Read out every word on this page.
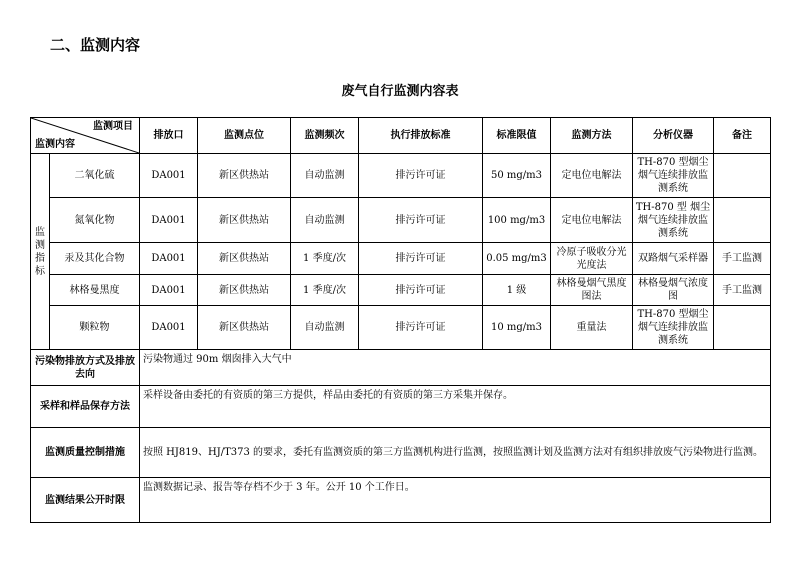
二、监测内容
废气自行监测内容表
监测项目
监测内容		排放口	监测点位	监测频次	执行排放标准	标准限值	监测方法	分析仪器	备注
监测指标	二氧化硫	DA001	新区供热站	自动监测	排污许可证	50 mg/m3	定电位电解法	TH-870 型烟尘烟气连续排放监测系统	
	氮氧化物	DA001	新区供热站	自动监测	排污许可证	100 mg/m3	定电位电解法	TH-870 型 烟尘烟气连续排放监测系统	
	汞及其化合物	DA001	新区供热站	1 季度/次	排污许可证	0.05 mg/m3	冷原子吸收分光光度法	双路烟气采样器	手工监测
	林格曼黑度	DA001	新区供热站	1 季度/次	排污许可证	1 级	林格曼烟气黑度图法	林格曼烟气浓度图	手工监测
	颗粒物	DA001	新区供热站	自动监测	排污许可证	10 mg/m3	重量法	TH-870 型烟尘烟气连续排放监测系统	
污染物排放方式及排放去向		污染物通过 90m 烟囱排入大气中							
采样和样品保存方法		采样设备由委托的有资质的第三方提供，样品由委托的有资质的第三方采集并保存。							
监测质量控制措施		按照 HJ819、HJ/T373 的要求，委托有监测资质的第三方监测机构进行监测，按照监测计划及监测方法对有组织排放废气污染物进行监测。							
监测结果公开时限		监测数据记录、报告等存档不少于 3 年。公开 10 个工作日。							
